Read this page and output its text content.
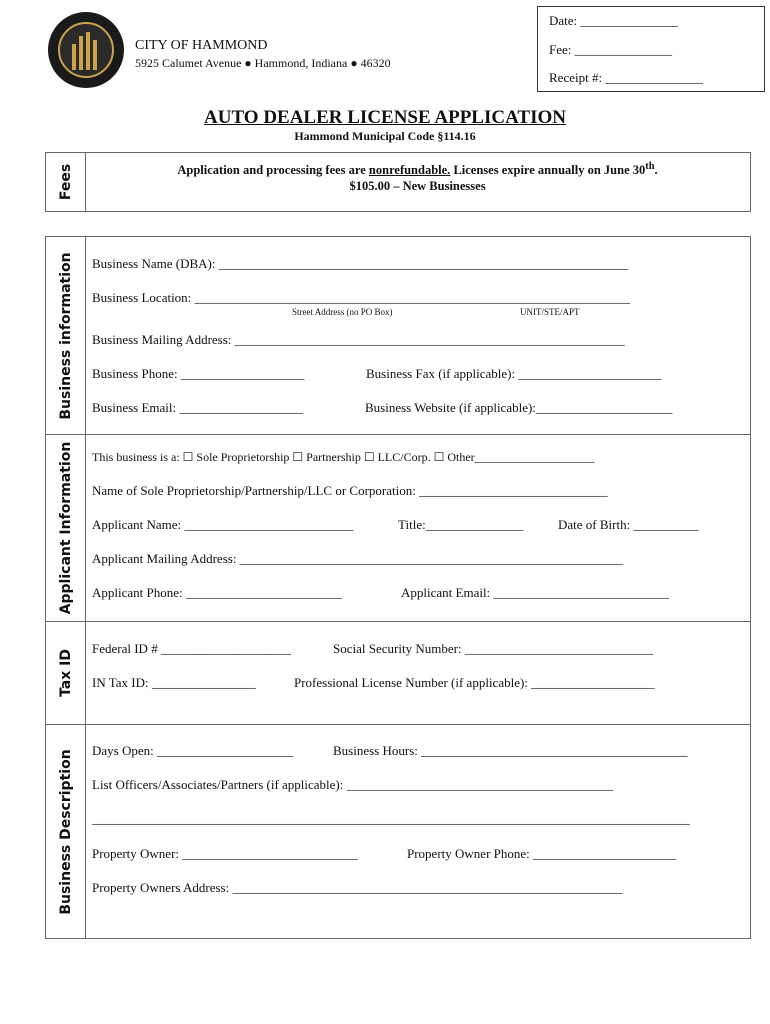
CITY OF HAMMOND
5925 Calumet Avenue ● Hammond, Indiana ● 46320
Date: _______________
Fee: _______________
Receipt #: _______________
AUTO DEALER LICENSE APPLICATION
Hammond Municipal Code §114.16
Fees	Application and processing fees are nonrefundable. Licenses expire annually on June 30th.
$105.00 – New Businesses
Business information Business Name (DBA): _______________________________________________________________
Business Location: ___________________________________________________________________
Street Address (no PO Box)	UNIT/STE/APT
Business Mailing Address: ____________________________________________________________
Business Phone: ___________________	Business Fax (if applicable): ______________________
Business Email: ___________________	Business Website (if applicable):_____________________
Applicant Information This business is a: ☐ Sole Proprietorship ☐ Partnership ☐ LLC/Corp. ☐ Other____________________
Name of Sole Proprietorship/Partnership/LLC or Corporation: _____________________________
Applicant Name: __________________________	Title:_______________	Date of Birth: __________
Applicant Mailing Address: ___________________________________________________________
Applicant Phone: ________________________	Applicant Email: ___________________________
Tax ID
Federal ID # ____________________	Social Security Number: _____________________________
IN Tax ID: ________________	Professional License Number (if applicable): ___________________
Business Description Days Open: _____________________	Business Hours: _________________________________________
List Officers/Associates/Partners (if applicable): _________________________________________
____________________________________________________________________________________________
Property Owner: ___________________________	Property Owner Phone: ______________________
Property Owners Address: ____________________________________________________________
